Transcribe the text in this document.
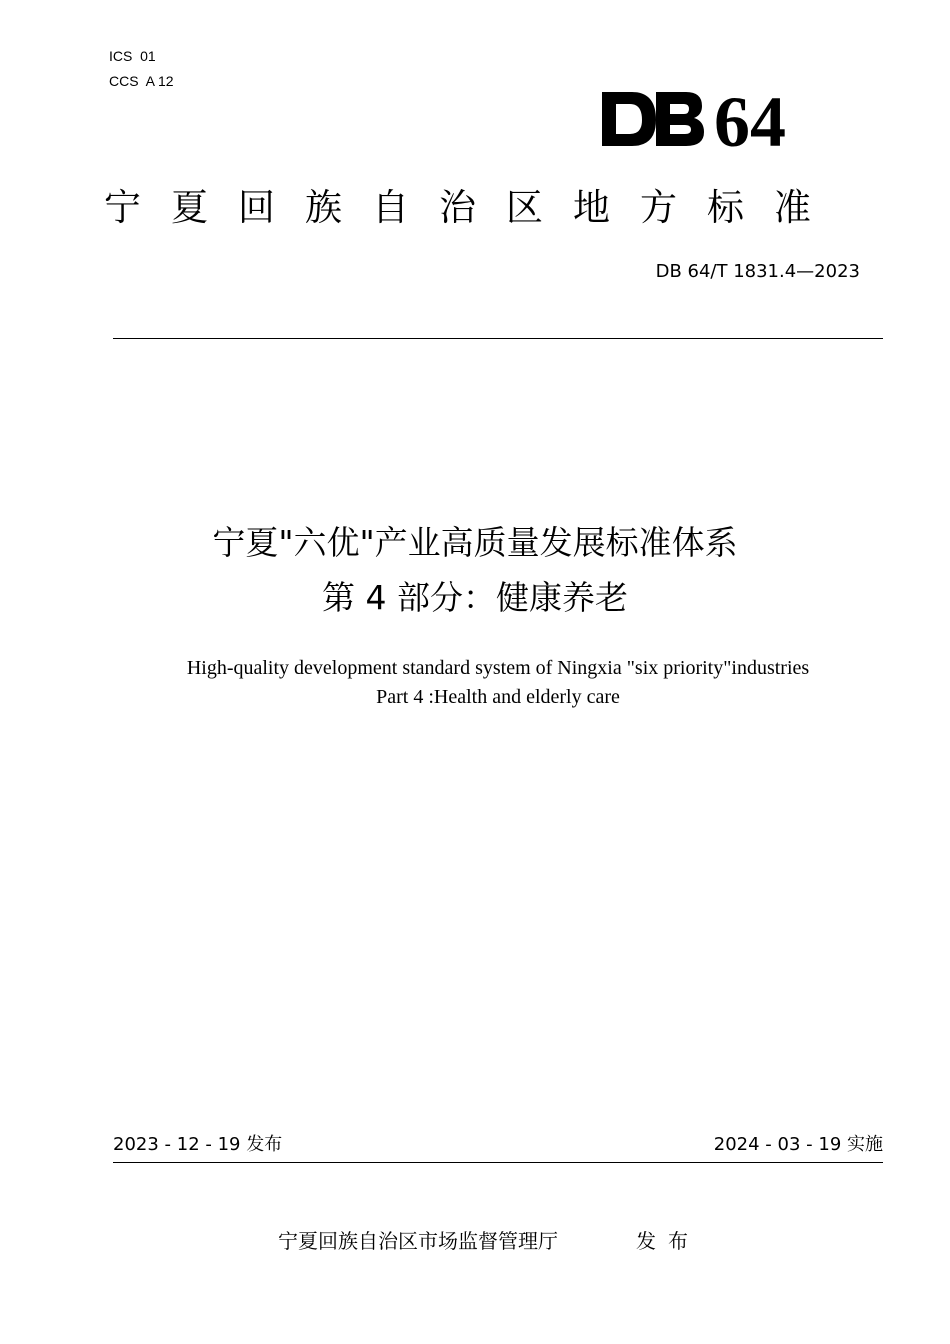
ICS  01
CCS  A 12
64
宁夏回族自治区地方标准
DB 64/T 1831.4—2023
宁夏"六优"产业高质量发展标准体系
第 4 部分：健康养老
High-quality development standard system of Ningxia "six priority"industries
Part 4 :Health and elderly care
2023 - 12 - 19 发布	2024 - 03 - 19 实施
宁夏回族自治区市场监督管理厅	发布
